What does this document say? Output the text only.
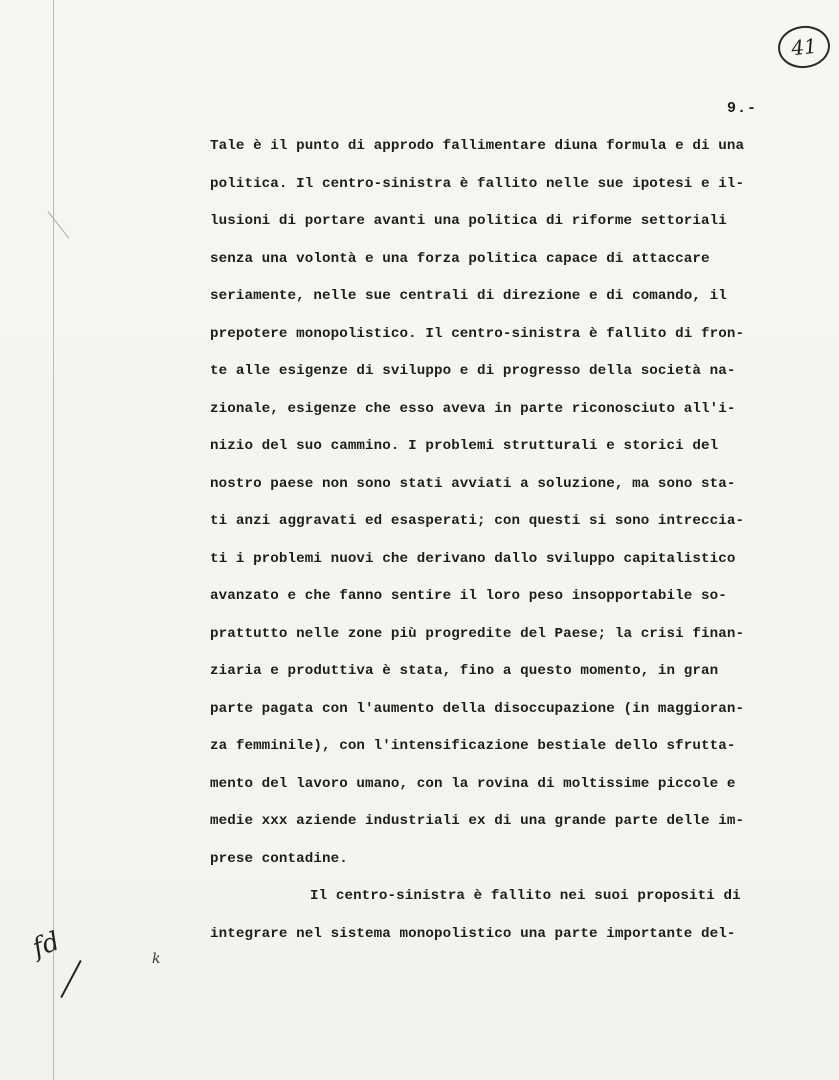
41
9.-
Tale è il punto di approdo fallimentare diuna formula e di una
politica. Il centro-sinistra è fallito nelle sue ipotesi e il-
lusioni di portare avanti una politica di riforme settoriali
senza una volontà e una forza politica capace di attaccare
seriamente, nelle sue centrali di direzione e di comando, il
prepotere monopolistico. Il centro-sinistra è fallito di fron-
te alle esigenze di sviluppo e di progresso della società na-
zionale, esigenze che esso aveva in parte riconosciuto all'i-
nizio del suo cammino. I problemi strutturali e storici del
nostro paese non sono stati avviati a soluzione, ma sono sta-
ti anzi aggravati ed esasperati; con questi si sono intreccia-
ti i problemi nuovi che derivano dallo sviluppo capitalistico
avanzato e che fanno sentire il loro peso insopportabile so-
prattutto nelle zone più progredite del Paese; la crisi finan-
ziaria e produttiva è stata, fino a questo momento, in gran
parte pagata con l'aumento della disoccupazione (in maggioran-
za femminile), con l'intensificazione bestiale dello sfrutta-
mento del lavoro umano, con la rovina di moltissime piccole e
medie xxx aziende industriali ex di una grande parte delle im-
prese contadine.
Il centro-sinistra è fallito nei suoi propositi di
integrare nel sistema monopolistico una parte importante del-
fd	k
